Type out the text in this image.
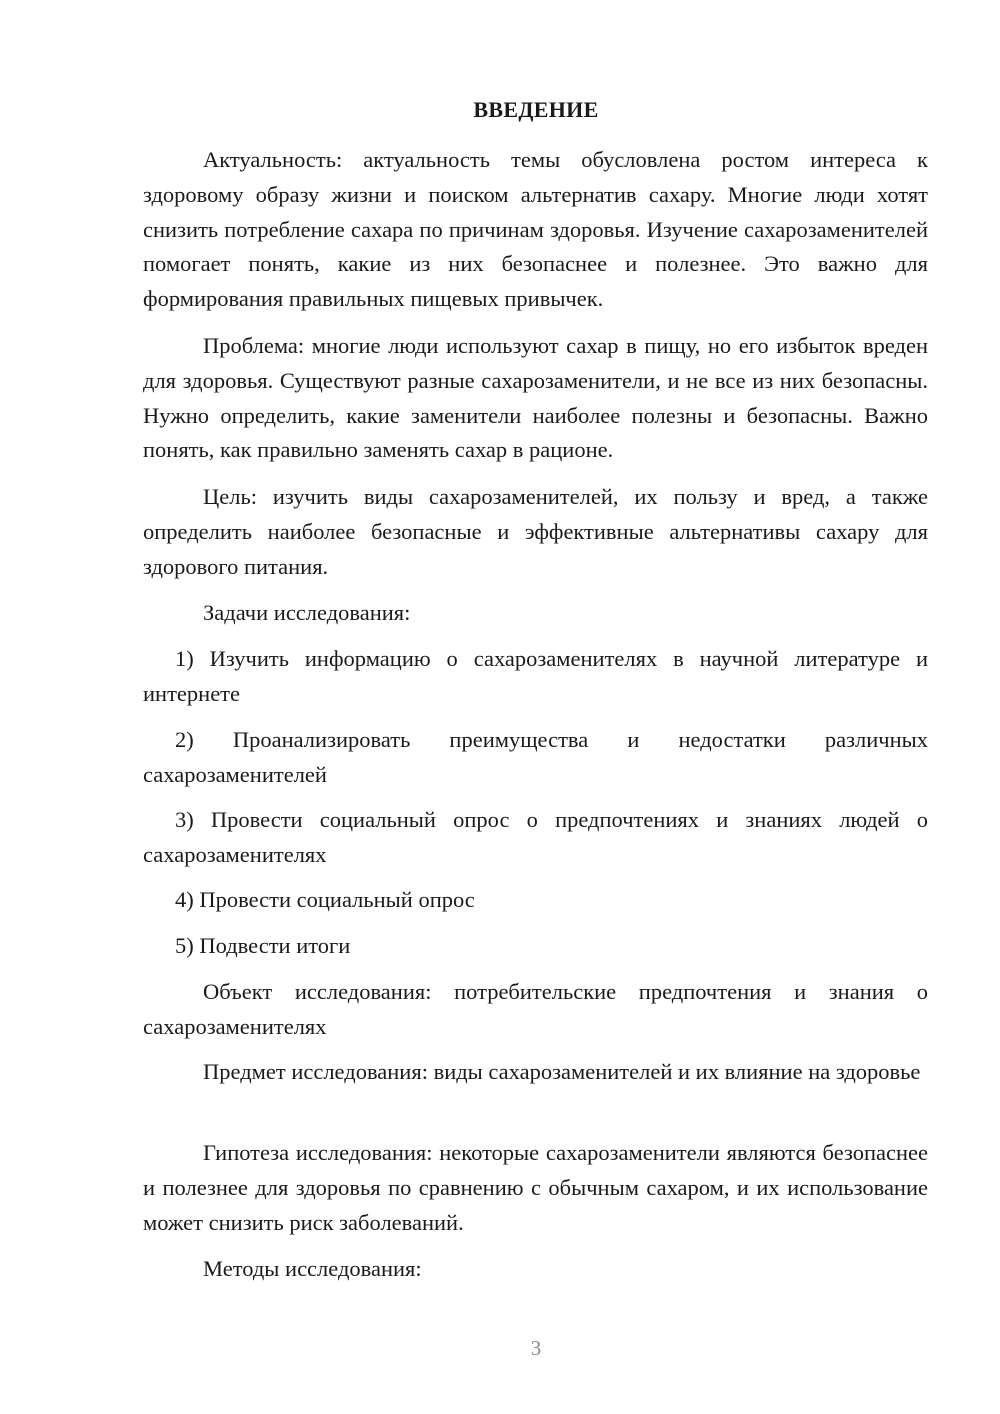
ВВЕДЕНИЕ

Актуальность: актуальность темы обусловлена ростом интереса к здоровому образу жизни и поиском альтернатив сахару. Многие люди хотят снизить потребление сахара по причинам здоровья. Изучение сахарозаменителей помогает понять, какие из них безопаснее и полезнее. Это важно для формирования правильных пищевых привычек.

Проблема: многие люди используют сахар в пищу, но его избыток вреден для здоровья. Существуют разные сахарозаменители, и не все из них безопасны. Нужно определить, какие заменители наиболее полезны и безопасны. Важно понять, как правильно заменять сахар в рационе.

Цель: изучить виды сахарозаменителей, их пользу и вред, а также определить наиболее безопасные и эффективные альтернативы сахару для здорового питания.

Задачи исследования:

1) Изучить информацию о сахарозаменителях в научной литературе и интернете

2) Проанализировать преимущества и недостатки различных сахарозаменителей

3) Провести социальный опрос о предпочтениях и знаниях людей о сахарозаменителях

4) Провести социальный опрос

5) Подвести итоги

Объект исследования: потребительские предпочтения и знания о сахарозаменителях

Предмет исследования: виды сахарозаменителей и их влияние на здоровье

Гипотеза исследования: некоторые сахарозаменители являются безопаснее и полезнее для здоровья по сравнению с обычным сахаром, и их использование может снизить риск заболеваний.

Методы исследования:

3
